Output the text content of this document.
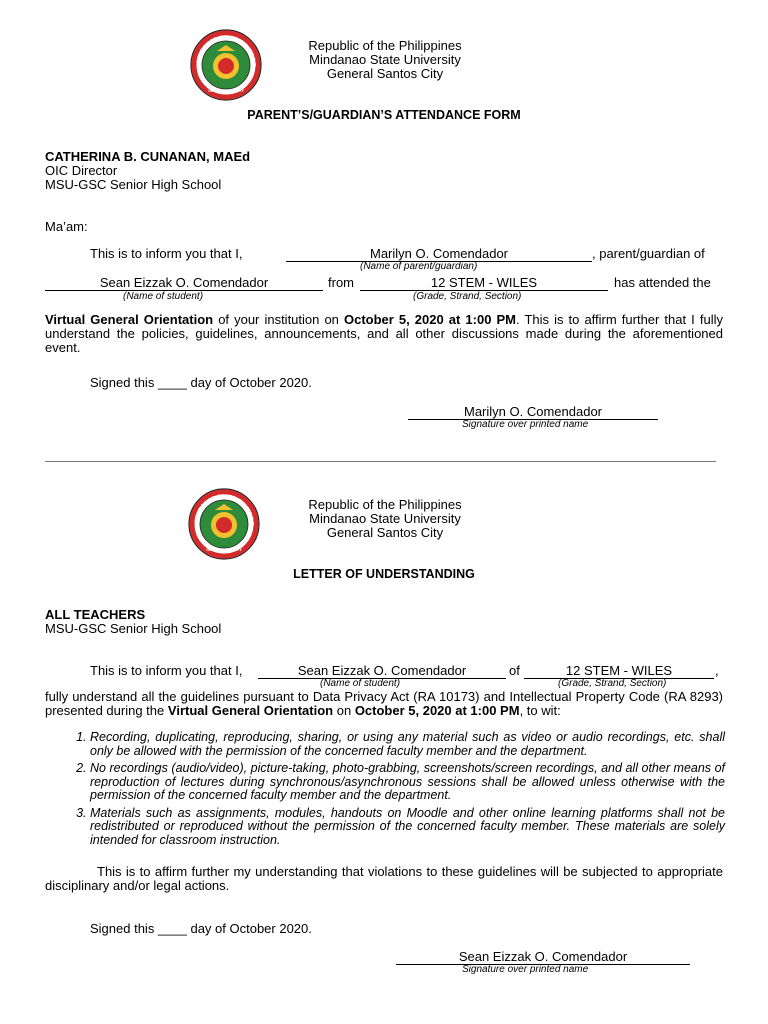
MINDANAO STATE UNIVERSIT
GEN. SANTOS CITY
Republic of the Philippines
Mindanao State University
General Santos City
PARENT’S/GUARDIAN’S ATTENDANCE FORM
CATHERINA B. CUNANAN, MAEd
OIC Director
MSU-GSC Senior High School
Ma’am:
This is to inform you that I,	Marilyn O. Comendador	, parent/guardian of
(Name of parent/guardian)
Sean Eizzak O. Comendador	from	12 STEM - WILES	has attended the
(Name of student)	(Grade, Strand, Section)
Virtual General Orientation of your institution on October 5, 2020 at 1:00 PM. This is to affirm further that I fully understand the policies, guidelines, announcements, and all other discussions made during the aforementioned event.
Signed this ____ day of October 2020.
Marilyn O. Comendador
Signature over printed name
MINDANAO STATE UNIVERSIT
GEN. SANTOS CITY
Republic of the Philippines
Mindanao State University
General Santos City
LETTER OF UNDERSTANDING
ALL TEACHERS
MSU-GSC Senior High School
This is to inform you that I,	Sean Eizzak O. Comendador	of	12 STEM - WILES	,
(Name of student)	(Grade, Strand, Section)
fully understand all the guidelines pursuant to Data Privacy Act (RA 10173) and Intellectual Property Code (RA 8293) presented during the Virtual General Orientation on October 5, 2020 at 1:00 PM, to wit:
1. Recording, duplicating, reproducing, sharing, or using any material such as video or audio recordings, etc. shall only be allowed with the permission of the concerned faculty member and the department.
2. No recordings (audio/video), picture-taking, photo-grabbing, screenshots/screen recordings, and all other means of reproduction of lectures during synchronous/asynchronous sessions shall be allowed unless otherwise with the permission of the concerned faculty member and the department.
3. Materials such as assignments, modules, handouts on Moodle and other online learning platforms shall not be redistributed or reproduced without the permission of the concerned faculty member. These materials are solely intended for classroom instruction.
This is to affirm further my understanding that violations to these guidelines will be subjected to appropriate disciplinary and/or legal actions.
Signed this ____ day of October 2020.
Sean Eizzak O. Comendador
Signature over printed name
